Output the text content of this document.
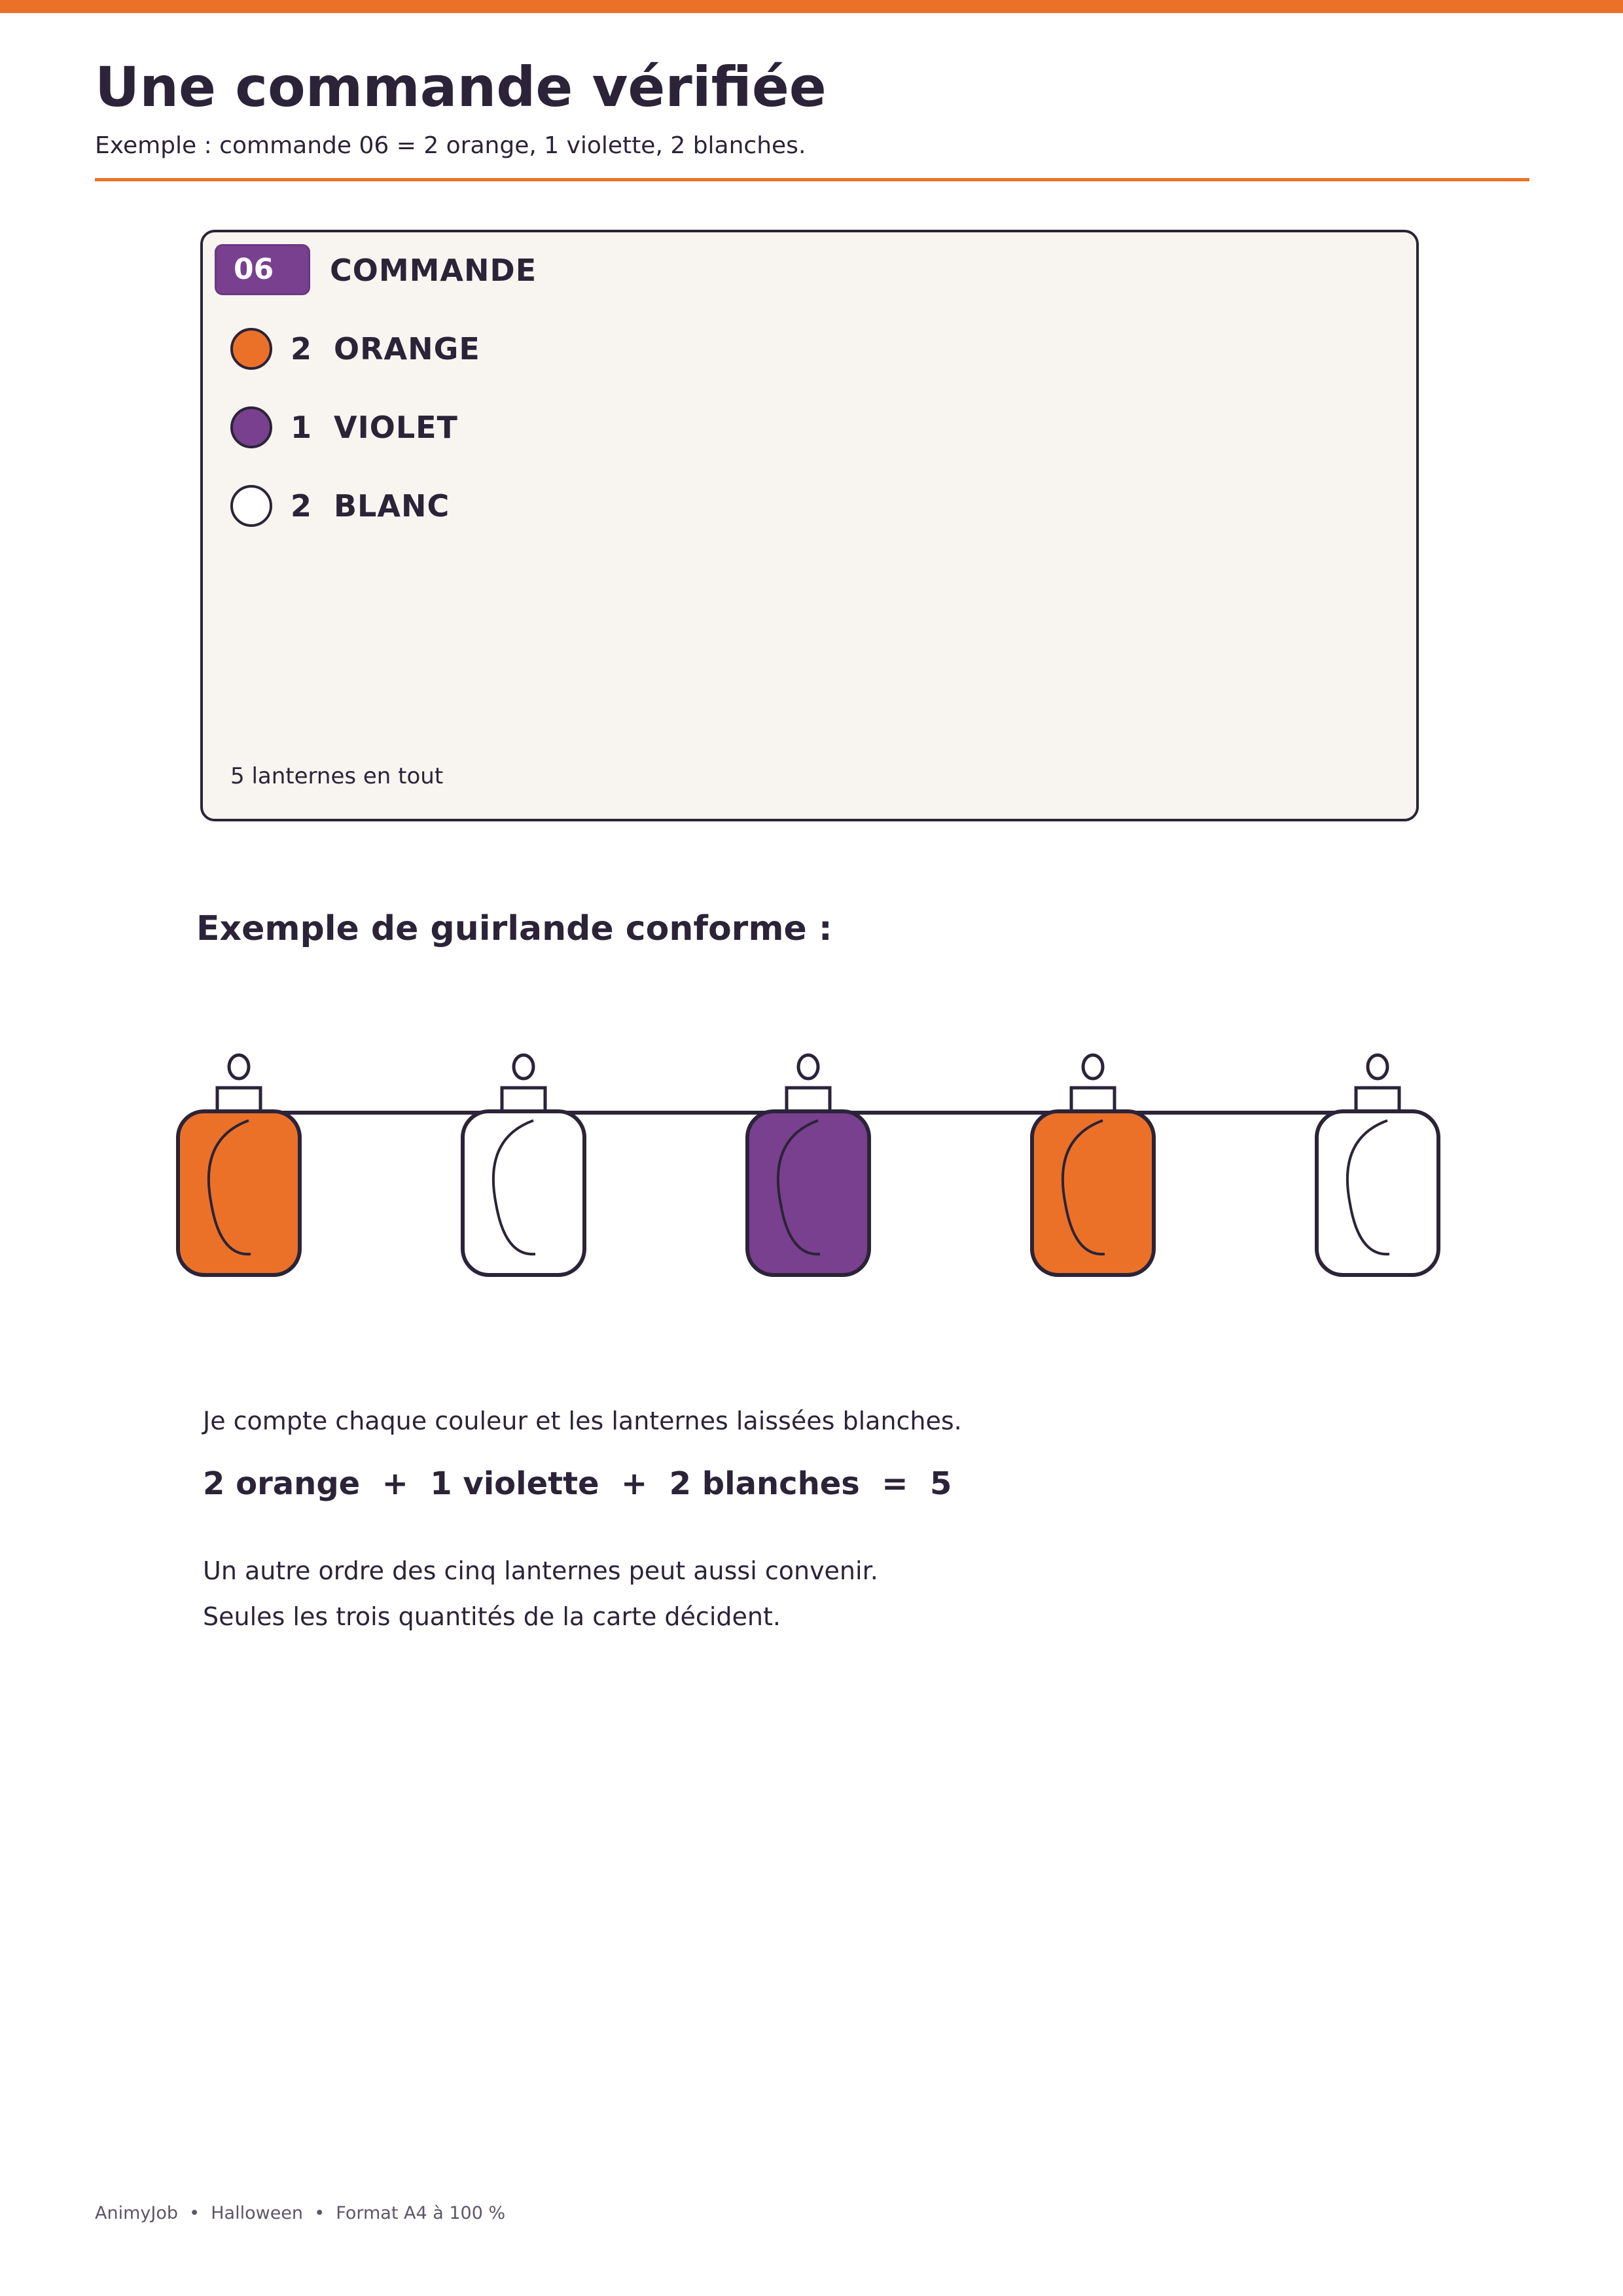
Une commande vérifiée
Exemple : commande 06 = 2 orange, 1 violette, 2 blanches.
06	COMMANDE
2 ORANGE
1 VIOLET
2 BLANC
5 lanternes en tout
Exemple de guirlande conforme :
Je compte chaque couleur et les lanternes laissées blanches.
2 orange  +  1 violette  +  2 blanches  =  5
Un autre ordre des cinq lanternes peut aussi convenir.
Seules les trois quantités de la carte décident.
AnimyJob  •  Halloween  •  Format A4 à 100 %
